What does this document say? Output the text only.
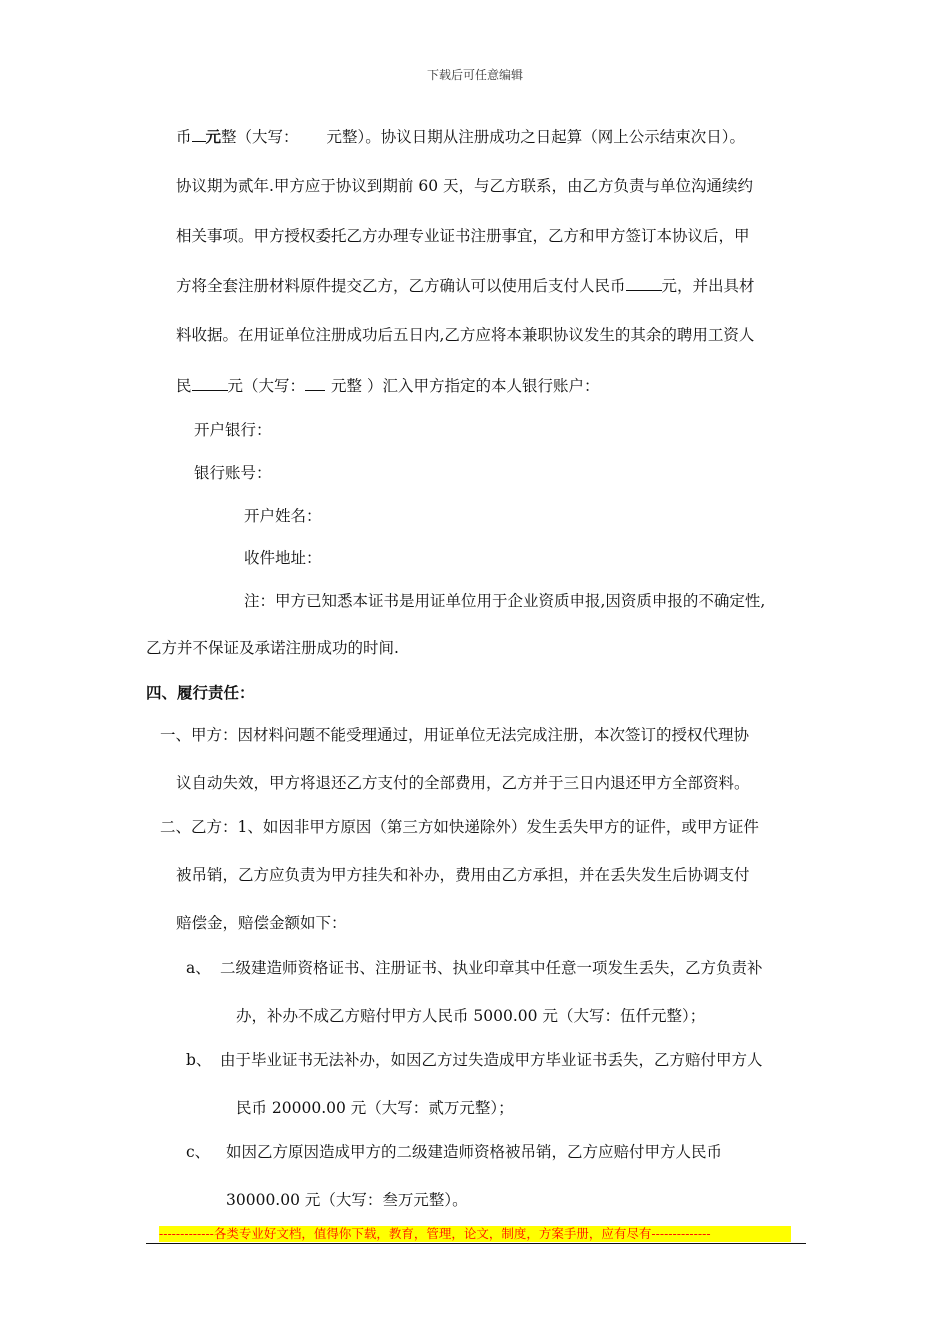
下载后可任意编辑
币 元整（大写： 元整）。协议日期从注册成功之日起算（网上公示结束次日）。
协议期为贰年.甲方应于协议到期前 60 天，与乙方联系，由乙方负责与单位沟通续约
相关事项。甲方授权委托乙方办理专业证书注册事宜，乙方和甲方签订本协议后，甲
方将全套注册材料原件提交乙方，乙方确认可以使用后支付人民币 元，并出具材
料收据。在用证单位注册成功后五日内,乙方应将本兼职协议发生的其余的聘用工资人
民 元（大写： 元整 ）汇入甲方指定的本人银行账户：
开户银行：
银行账号：
开户姓名：
收件地址：
注：甲方已知悉本证书是用证单位用于企业资质申报,因资质申报的不确定性,
乙方并不保证及承诺注册成功的时间.
四、履行责任：
一、甲方：因材料问题不能受理通过，用证单位无法完成注册，本次签订的授权代理协
议自动失效，甲方将退还乙方支付的全部费用，乙方并于三日内退还甲方全部资料。
二、乙方：1、如因非甲方原因（第三方如快递除外）发生丢失甲方的证件，或甲方证件
被吊销，乙方应负责为甲方挂失和补办，费用由乙方承担，并在丢失发生后协调支付
赔偿金，赔偿金额如下：
a、 二级建造师资格证书、注册证书、执业印章其中任意一项发生丢失，乙方负责补
办，补办不成乙方赔付甲方人民币 5000.00 元（大写：伍仟元整）；
b、 由于毕业证书无法补办，如因乙方过失造成甲方毕业证书丢失，乙方赔付甲方人
民币 20000.00 元（大写：贰万元整）；
c、 如因乙方原因造成甲方的二级建造师资格被吊销，乙方应赔付甲方人民币
30000.00 元（大写：叁万元整）。
-------------各类专业好文档，值得你下载，教育，管理，论文，制度，方案手册，应有尽有--------------
